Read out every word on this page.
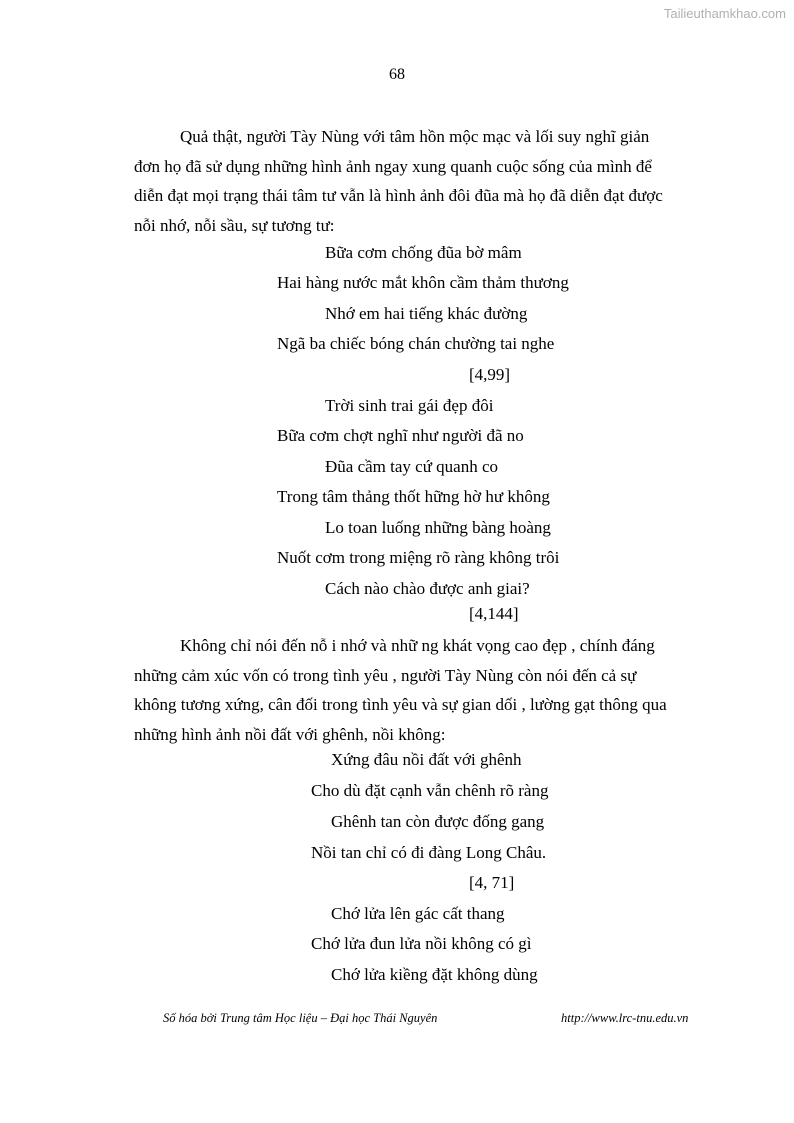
Tailieuthamkhao.com
68
Quả thật, người Tày Nùng với tâm hồn mộc mạc và lối suy nghĩ giản
đơn họ đã sử dụng những hình ảnh ngay xung quanh cuộc sống của mình để
diễn đạt mọi trạng thái tâm tư vẫn là hình ảnh đôi đũa mà họ đã diễn đạt được
nỗi nhớ, nỗi sầu, sự tương tư:
Bữa cơm chống đũa bờ mâm
Hai hàng nước mắt khôn cầm thảm thương
Nhớ em hai tiếng khác đường
Ngã ba chiếc bóng chán chường tai nghe
[4,99]
Trời sinh trai gái đẹp đôi
Bữa cơm chợt nghĩ như người đã no
Đũa cầm tay cứ quanh co
Trong tâm thảng thốt hững hờ hư không
Lo toan luống những bàng hoàng
Nuốt cơm trong miệng rõ ràng không trôi
Cách nào chào được anh giai?
[4,144]
Không chỉ nói đến nỗ i nhớ và nhữ ng khát vọng cao đẹp , chính đáng
những cảm xúc vốn có trong tình yêu , người Tày Nùng còn nói đến cả sự
không tương xứng, cân đối trong tình yêu và sự gian dối , lường gạt thông qua
những hình ảnh nồi đất với ghênh, nồi không:
Xứng đâu nồi đất với ghênh
Cho dù đặt cạnh vẫn chênh rõ ràng
Ghênh tan còn được đống gang
Nồi tan chỉ có đi đàng Long Châu.
[4, 71]
Chớ lửa lên gác cất thang
Chớ lửa đun lửa nồi không có gì
Chớ lửa kiềng đặt không dùng
Số hóa bởi Trung tâm Học liệu – Đại học Thái Nguyên	http://www.lrc-tnu.edu.vn
